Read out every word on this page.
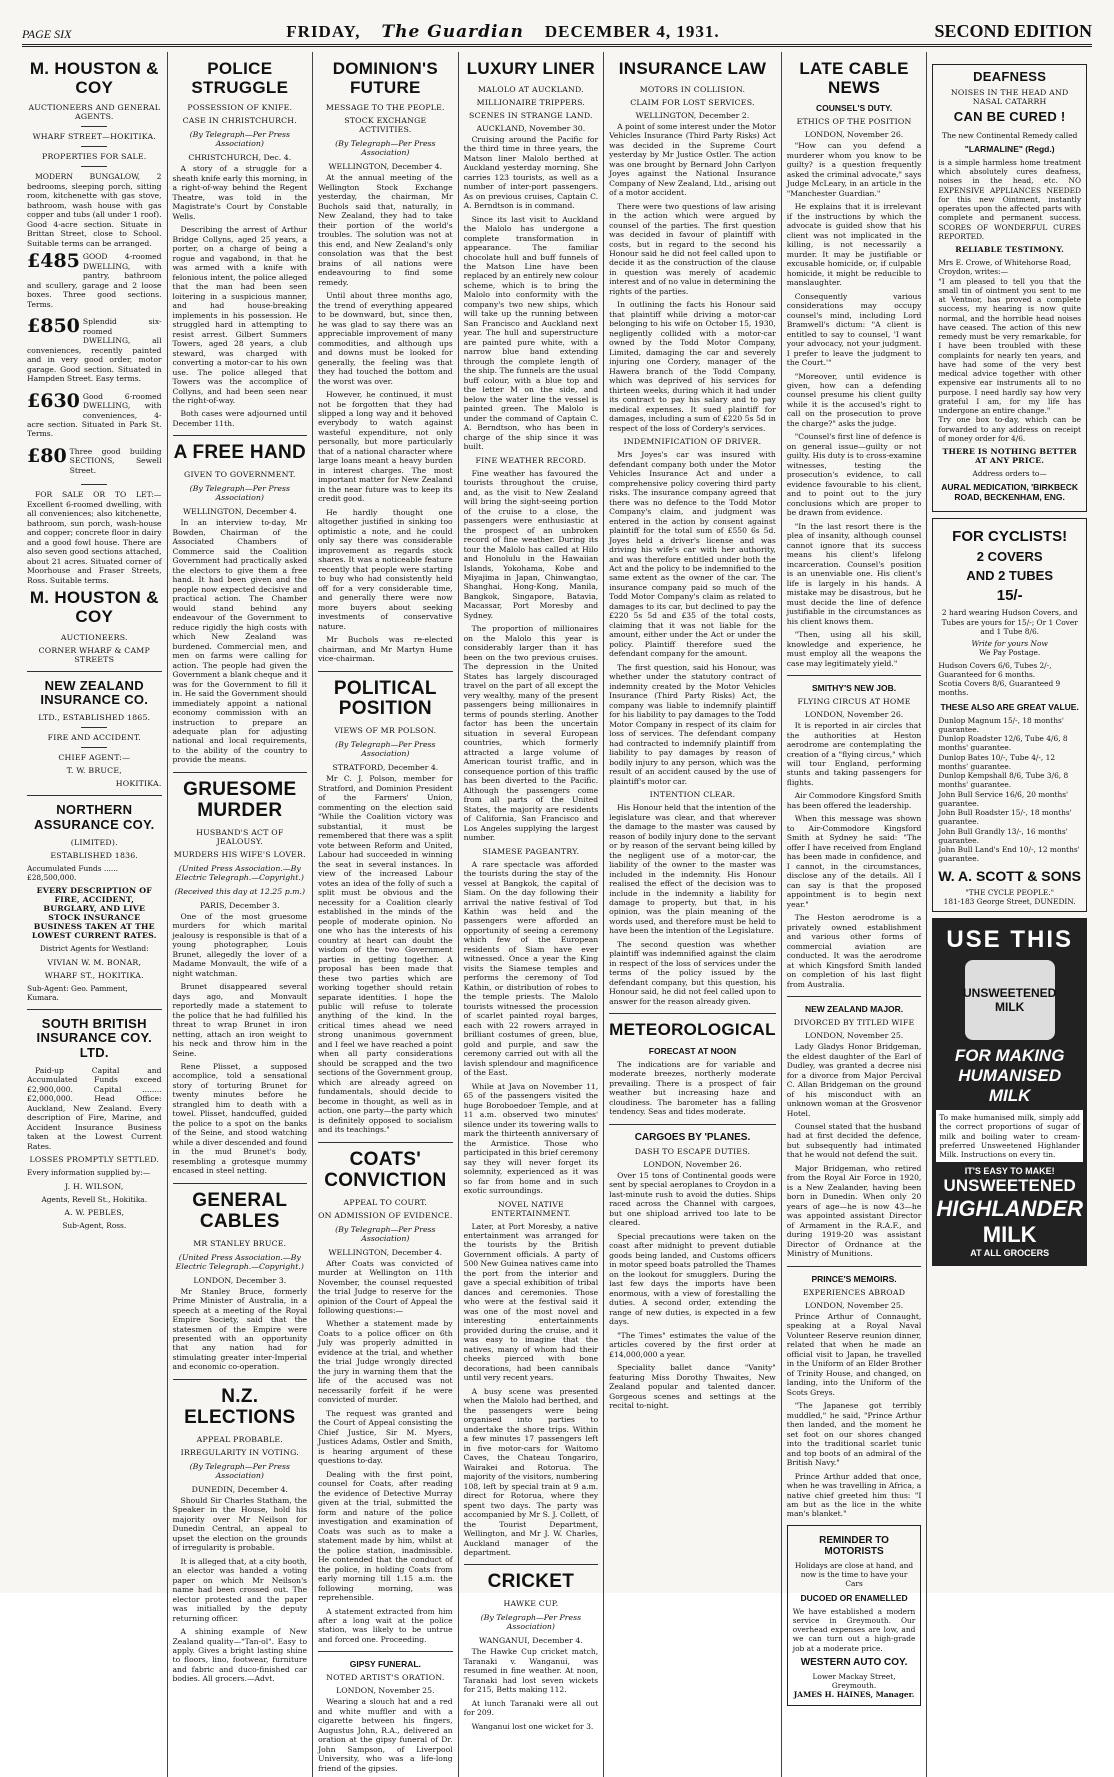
PAGE SIX	FRIDAY, The Guardian DECEMBER 4, 1931.	SECOND EDITION
M. HOUSTON & COY
AUCTIONEERS AND GENERAL AGENTS.
WHARF STREET—HOKITIKA.
PROPERTIES FOR SALE.

MODERN BUNGALOW, 2 bedrooms, sleeping porch, sitting room, kitchenette with gas stove, bathroom, wash house with gas copper and tubs (all under 1 roof). Good 4-acre section. Situate in Brittan Street, close to School. Suitable terms can be arranged.

£485 GOOD 4-roomed DWELLING, with pantry, bathroom and scullery, garage and 2 loose boxes. Three good sections. Terms.
£850 Splendid six-roomed DWELLING, all conveniences, recently painted and in very good order, motor garage. Good section. Situated in Hampden Street. Easy terms.
£630 Good 6-roomed DWELLING, with conveniences, 4-acre section. Situated in Park St. Terms.
£80 Three good building SECTIONS, Sewell Street.

FOR SALE OR TO LET:—Excellent 6-roomed dwelling, with all conveniences; also kitchenette, bathroom, sun porch, wash-house and copper; concrete floor in dairy and a good fowl house. There are also seven good sections attached, about 21 acres. Situated corner of Moorhouse and Fraser Streets, Ross. Suitable terms.

M. HOUSTON & COY
AUCTIONEERS.
CORNER WHARF & CAMP STREETS
NEW ZEALAND INSURANCE CO.
LTD., ESTABLISHED 1865.
FIRE AND ACCIDENT.
CHIEF AGENT:—
T. W. BRUCE,
HOKITIKA.
NORTHERN ASSURANCE COY.
(LIMITED).
ESTABLISHED 1836.
Accumulated Funds ...... £28,500,000.
EVERY DESCRIPTION OF FIRE, ACCIDENT, BURGLARY, AND LIVE STOCK INSURANCE BUSINESS TAKEN AT THE LOWEST CURRENT RATES.
District Agents for Westland:
VIVIAN W. M. BONAR,
WHARF ST., HOKITIKA.
Sub-Agent: Geo. Pamment, Kumara.
SOUTH BRITISH INSURANCE COY. LTD.

Paid-up Capital and Accumulated Funds exceed £2,900,000. Capital ........ £2,000,000. Head Office: Auckland, New Zealand. Every description of Fire, Marine, and Accident Insurance Business taken at the Lowest Current Rates.

LOSSES PROMPTLY SETTLED.
Every information supplied by:—
J. H. WILSON,
Agents, Revell St., Hokitika.
A. W. PEBLES,
Sub-Agent, Ross.
POLICE STRUGGLE
POSSESSION OF KNIFE.
CASE IN CHRISTCHURCH.
(By Telegraph—Per Press Association)
CHRISTCHURCH, Dec. 4.

A story of a struggle for a sheath knife early this morning, in a right-of-way behind the Regent Theatre, was told in the Magistrate's Court by Constable Wells.

Describing the arrest of Arthur Bridge Collyns, aged 25 years, a porter, on a charge of being a rogue and vagabond, in that he was armed with a knife with felonious intent, the police alleged that the man had been seen loitering in a suspicious manner, and had house-breaking implements in his possession. He struggled hard in attempting to resist arrest. Gilbert Summers Towers, aged 28 years, a club steward, was charged with converting a motor-car to his own use. The police alleged that Towers was the accomplice of Collyns, and had been seen near the right-of-way.

Both cases were adjourned until December 11th.

A FREE HAND
GIVEN TO GOVERNMENT.
(By Telegraph—Per Press Association)
WELLINGTON, December 4.

In an interview to-day, Mr Bowden, Chairman of the Associated Chambers of Commerce said the Coalition Government had practically asked the electors to give them a free hand. It had been given and the people now expected decisive and practical action. The Chamber would stand behind any endeavour of the Government to reduce rigidly the high costs with which New Zealand was burdened. Commercial men, and men on farms were calling for action. The people had given the Government a blank cheque and it was for the Government to fill it in. He said the Government should immediately appoint a national economy commission with an instruction to prepare an adequate plan for adjusting national and local requirements, to the ability of the country to provide the means.

GRUESOME MURDER
HUSBAND'S ACT OF JEALOUSY.
MURDERS HIS WIFE'S LOVER.
(United Press Association.—By Electric Telegraph.—Copyright.)
(Received this day at 12.25 p.m.)
PARIS, December 3.

One of the most gruesome murders for which marital jealousy is responsible is that of a young photographer, Louis Brunet, allegedly the lover of a Madame Monvault, the wife of a night watchman.

Brunet disappeared several days ago, and Monvault reportedly made a statement to the police that he had fulfilled his threat to wrap Brunet in iron netting, attach an iron weight to his neck and throw him in the Seine.

Rene Plisset, a supposed accomplice, told a sensational story of torturing Brunet for twenty minutes before he strangled him to death with a towel. Plisset, handcuffed, guided the police to a spot on the banks of the Seine, and stood watching while a diver descended and found in the mud Brunet's body, resembling a grotesque mummy encased in steel netting.

GENERAL CABLES
MR STANLEY BRUCE.
(United Press Association.—By Electric Telegraph.—Copyright.)
LONDON, December 3.

Mr Stanley Bruce, formerly Prime Minister of Australia, in a speech at a meeting of the Royal Empire Society, said that the statesmen of the Empire were presented with an opportunity that any nation had for stimulating greater inter-Imperial and economic co-operation.

N.Z. ELECTIONS
APPEAL PROBABLE.
IRREGULARITY IN VOTING.
(By Telegraph—Per Press Association)
DUNEDIN, December 4.

Should Sir Charles Statham, the Speaker in the House, hold his majority over Mr Neilson for Dunedin Central, an appeal to upset the election on the grounds of irregularity is probable.

It is alleged that, at a city booth, an elector was handed a voting paper on which Mr Neilson's name had been crossed out. The elector protested and the paper was initialled by the deputy returning officer.

A shining example of New Zealand quality—"Tan-ol". Easy to apply. Gives a bright lasting shine to floors, lino, footwear, furniture and fabric and duco-finished car bodies. All grocers.—Advt.

DOMINION'S FUTURE
MESSAGE TO THE PEOPLE.
STOCK EXCHANGE ACTIVITIES.
(By Telegraph—Per Press Association)
WELLINGTON, December 4.

At the annual meeting of the Wellington Stock Exchange yesterday, the chairman, Mr Buchols said that, naturally, in New Zealand, they had to take their portion of the world's troubles. The solution was not at this end, and New Zealand's only consolation was that the best brains of all nations were endeavouring to find some remedy.

Until about three months ago, the trend of everything appeared to be downward, but, since then, he was glad to say there was an appreciable improvement of many commodities, and although ups and downs must be looked for generally, the feeling was that they had touched the bottom and the worst was over.

However, he continued, it must not be forgotten that they had slipped a long way and it behoved everybody to watch against wasteful expenditure, not only personally, but more particularly that of a national character where large loans meant a heavy burden in interest charges. The most important matter for New Zealand in the near future was to keep its credit good.

He hardly thought one altogether justified in sinking too optimistic a note, and he could only say there was considerable improvement as regards stock shares. It was a noticeable feature recently that people were starting to buy who had consistently held off for a very considerable time, and generally there were now more buyers about seeking investments of conservative nature.

Mr Buchols was re-elected chairman, and Mr Martyn Hume vice-chairman.

POLITICAL POSITION
VIEWS OF MR POLSON.
(By Telegraph—Per Press Association)
STRATFORD, December 4.

Mr C. J. Polson, member for Stratford, and Dominion President of the Farmers' Union, commenting on the election said "While the Coalition victory was substantial, it must be remembered that there was a split vote between Reform and United, Labour had succeeded in winning the seat in several instances. In view of the increased Labour votes an idea of the folly of such a split must be obvious and the necessity for a Coalition clearly established in the minds of the people of moderate opinion. No one who has the interests of his country at heart can doubt the wisdom of the two Government parties in getting together. A proposal has been made that these two parties which are working together should retain separate identities. I hope the public will refuse to tolerate anything of the kind. In the critical times ahead we need strong unanimous government and I feel we have reached a point when all party considerations should be scrapped and the two sections of the Government group, which are already agreed on fundamentals, should decide to become in thought, as well as in action, one party—the party which is definitely opposed to socialism and its teachings."

COATS' CONVICTION
APPEAL TO COURT.
ON ADMISSION OF EVIDENCE.
(By Telegraph—Per Press Association)
WELLINGTON, December 4.

After Coats was convicted of murder at Wellington on 11th November, the counsel requested the trial Judge to reserve for the opinion of the Court of Appeal the following questions:—

Whether a statement made by Coats to a police officer on 6th July was properly admitted in evidence at the trial, and whether the trial Judge wrongly directed the jury in warning them that the life of the accused was not necessarily forfeit if he were convicted of murder.

The request was granted and the Court of Appeal consisting the Chief Justice, Sir M. Myers, Justices Adams, Ostler and Smith, is hearing argument of these questions to-day.

Dealing with the first point, counsel for Coats, after reading the evidence of Detective Murray given at the trial, submitted the form and nature of the police investigation and examination of Coats was such as to make a statement made by him, whilst at the police station, inadmissible. He contended that the conduct of the police, in holding Coats from early morning till 1.15 a.m. the following morning, was reprehensible.

A statement extracted from him after a long wait at the police station, was likely to be untrue and forced one. Proceeding.

GIPSY FUNERAL.
NOTED ARTIST'S ORATION.
LONDON, November 25.

Wearing a slouch hat and a red and white muffler and with a cigarette between his fingers, Augustus John, R.A., delivered an oration at the gipsy funeral of Dr. John Sampson, of Liverpool University, who was a life-long friend of the gipsies.

LUXURY LINER
MALOLO AT AUCKLAND.
MILLIONAIRE TRIPPERS.
SCENES IN STRANGE LAND.
AUCKLAND, November 30.

Cruising around the Pacific for the third time in three years, the Matson liner Malolo berthed at Auckland yesterday morning. She carries 123 tourists, as well as a number of inter-port passengers. As on previous cruises, Captain C. A. Berndtson is in command.

Since its last visit to Auckland the Malolo has undergone a complete transformation in appearance. The familiar chocolate hull and buff funnels of the Matson Line have been replaced by an entirely new colour scheme, which is to bring the Malolo into conformity with the company's two new ships, which will take up the running between San Francisco and Auckland next year. The hull and superstructure are painted pure white, with a narrow blue band extending through the complete length of the ship. The funnels are the usual buff colour, with a blue top and the letter M on the side, and below the water line the vessel is painted green. The Malolo is under the command of Captain C. A. Berndtson, who has been in charge of the ship since it was built.

FINE WEATHER RECORD.

Fine weather has favoured the tourists throughout the cruise, and, as the visit to New Zealand will bring the sight-seeing portion of the cruise to a close, the passengers were enthusiastic at the prospect of an unbroken record of fine weather. During its tour the Malolo has called at Hilo and Honolulu in the Hawaiian Islands, Yokohama, Kobe and Miyajima in Japan, Chinwangtao, Shanghai, Hong-Kong, Manila, Bangkok, Singapore, Batavia, Macassar, Port Moresby and Sydney.

The proportion of millionaires on the Malolo this year is considerably larger than it has been on the two previous cruises. The depression in the United States has largely discouraged travel on the part of all except the very wealthy, many of the present passengers being millionaires in terms of pounds sterling. Another factor has been the uncertain situation in several European countries, which formerly attracted a large volume of American tourist traffic, and in consequence portion of this traffic has been diverted to the Pacific. Although the passengers come from all parts of the United States, the majority are residents of California, San Francisco and Los Angeles supplying the largest number.

SIAMESE PAGEANTRY.

A rare spectacle was afforded the tourists during the stay of the vessel at Bangkok, the capital of Siam. On the day following their arrival the native festival of Tod Kathin was held and the passengers were afforded an opportunity of seeing a ceremony which few of the European residents of Siam have ever witnessed. Once a year the King visits the Siamese temples and performs the ceremony of Tod Kathin, or distribution of robes to the temple priests. The Malolo tourists witnessed the procession of scarlet painted royal barges, each with 22 rowers arrayed in brilliant costumes of green, blue, gold and purple, and saw the ceremony carried out with all the lavish splendour and magnificence of the East.

While at Java on November 11, 65 of the passengers visited the huge Boroboedoer Temple, and at 11 a.m. observed two minutes' silence under its towering walls to mark the thirteenth anniversary of the Armistice. Those who participated in this brief ceremony say they will never forget its solemnity, experienced as it was so far from home and in such exotic surroundings.

NOVEL NATIVE ENTERTAINMENT.

Later, at Port Moresby, a native entertainment was arranged for the tourists by the British Government officials. A party of 500 New Guinea natives came into the port from the interior and gave a special exhibition of tribal dances and ceremonies. Those who were at the festival said it was one of the most novel and interesting entertainments provided during the cruise, and it was easy to imagine that the natives, many of whom had their cheeks pierced with bone decorations, had been cannibals until very recent years.

A busy scene was presented when the Malolo had berthed, and the passengers were being organised into parties to undertake the shore trips. Within a few minutes 17 passengers left in five motor-cars for Waitomo Caves, the Chateau Tongariro, Wairakei and Rotorua. The majority of the visitors, numbering 108, left by special train at 9 a.m. direct for Rotorua, where they spent two days. The party was accompanied by Mr S. J. Collett, of the Tourist Department, Wellington, and Mr J. W. Charles, Auckland manager of the department.

CRICKET
HAWKE CUP.
(By Telegraph—Per Press Association)
WANGANUI, December 4.

The Hawke Cup cricket match, Taranaki v. Wanganui, was resumed in fine weather. At noon, Taranaki had lost seven wickets for 215, Betts making 112.

At lunch Taranaki were all out for 209.

Wanganui lost one wicket for 3.

INSURANCE LAW
MOTORS IN COLLISION.
CLAIM FOR LOST SERVICES.
WELLINGTON, December 2.

A point of some interest under the Motor Vehicles Insurance (Third Party Risks) Act was decided in the Supreme Court yesterday by Mr Justice Ostler. The action was one brought by Bernard John Carlyon Joyes against the National Insurance Company of New Zealand, Ltd., arising out of a motor accident.

There were two questions of law arising in the action which were argued by counsel of the parties. The first question was decided in favour of plaintiff with costs, but in regard to the second his Honour said he did not feel called upon to decide it as the construction of the clause in question was merely of academic interest and of no value in determining the rights of the parties.

In outlining the facts his Honour said that plaintiff while driving a motor-car belonging to his wife on October 15, 1930, negligently collided with a motor-car owned by the Todd Motor Company, Limited, damaging the car and severely injuring one Cordery, manager of the Hawera branch of the Todd Company, which was deprived of his services for thirteen weeks, during which it had under its contract to pay his salary and to pay medical expenses. It sued plaintiff for damages, including a sum of £220 5s 5d in respect of the loss of Cordery's services.

INDEMNIFICATION OF DRIVER.

Mrs Joyes's car was insured with defendant company both under the Motor Vehicles Insurance Act and under a comprehensive policy covering third party risks. The insurance company agreed that there was no defence to the Todd Motor Company's claim, and judgment was entered in the action by consent against plaintiff for the total sum of £550 6s 5d. Joyes held a driver's license and was driving his wife's car with her authority, and was therefore entitled under both the Act and the policy to be indemnified to the same extent as the owner of the car. The insurance company paid so much of the Todd Motor Company's claim as related to damages to its car, but declined to pay the £220 5s 5d and £35 of the total costs, claiming that it was not liable for the amount, either under the Act or under the policy. Plaintiff therefore sued the defendant company for the amount.

The first question, said his Honour, was whether under the statutory contract of indemnity created by the Motor Vehicles Insurance (Third Party Risks) Act, the company was liable to indemnify plaintiff for his liability to pay damages to the Todd Motor Company in respect of its claim for loss of services. The defendant company had contracted to indemnify plaintiff from liability to pay damages by reason of bodily injury to any person, which was the result of an accident caused by the use of plaintiff's motor car.

INTENTION CLEAR.

His Honour held that the intention of the legislature was clear, and that wherever the damage to the master was caused by reason of bodily injury done to the servant or by reason of the servant being killed by the negligent use of a motor-car, the liability of the owner to the master was included in the indemnity. His Honour realised the effect of the decision was to include in the indemnity a liability for damage to property, but that, in his opinion, was the plain meaning of the words used, and therefore must be held to have been the intention of the Legislature.

The second question was whether plaintiff was indemnified against the claim in respect of the loss of services under the terms of the policy issued by the defendant company, but this question, his Honour said, he did not feel called upon to answer for the reason already given.

METEOROLOGICAL
FORECAST AT NOON

The indications are for variable and moderate breezes, northerly moderate prevailing. There is a prospect of fair weather but increasing haze and cloudiness. The barometer has a falling tendency. Seas and tides moderate.

CARGOES BY 'PLANES.
DASH TO ESCAPE DUTIES.
LONDON, November 26.

Over 15 tons of Continental goods were sent by special aeroplanes to Croydon in a last-minute rush to avoid the duties. Ships raced across the Channel with cargoes, but one shipload arrived too late to be cleared.

Special precautions were taken on the coast after midnight to prevent dutiable goods being landed, and Customs officers in motor speed boats patrolled the Thames on the lookout for smugglers. During the last few days the imports have been enormous, with a view of forestalling the duties. A second order, extending the range of new duties, is expected in a few days.

"The Times" estimates the value of the articles covered by the first order at £14,000,000 a year.

Speciality ballet dance "Vanity" featuring Miss Dorothy Thwaites, New Zealand popular and talented dancer. Gorgeous scenes and settings at the recital to-night.

LATE CABLE NEWS
COUNSEL'S DUTY.
ETHICS OF THE POSITION
LONDON, November 26.

"How can you defend a murderer whom you know to be guilty? is a question frequently asked the criminal advocate," says Judge McLeary, in an article in the "Manchester Guardian."

He explains that it is irrelevant if the instructions by which the advocate is guided show that his client was not implicated in the killing, is not necessarily a murder. It may be justifiable or excusable homicide, or, if culpable homicide, it might be reducible to manslaughter.

Consequently various considerations may occupy counsel's mind, including Lord Bramwell's dictum: "A client is entitled to say to counsel, 'I want your advocacy, not your judgment. I prefer to leave the judgment to the Court.'"

"Moreover, until evidence is given, how can a defending counsel presume his client guilty while it is the accused's right to call on the prosecution to prove the charge?" asks the judge.

"Counsel's first line of defence is on general issue—guilty or not guilty. His duty is to cross-examine witnesses, testing the prosecution's evidence, to call evidence favourable to his client, and to point out to the jury conclusions which are proper to be drawn from evidence.

"In the last resort there is the plea of insanity, although counsel cannot ignore that its success means his client's lifelong incarceration. Counsel's position is an unenviable one. His client's life is largely in his hands. A mistake may be disastrous, but he must decide the line of defence justifiable in the circumstances as his client knows them.

"Then, using all his skill, knowledge and experience, he must employ all the weapons the case may legitimately yield."

SMITHY'S NEW JOB.
FLYING CIRCUS AT HOME
LONDON, November 26.

It is reported in air circles that the authorities at Heston aerodrome are contemplating the creation of a "flying circus," which will tour England, performing stunts and taking passengers for flights.

Air Commodore Kingsford Smith has been offered the leadership.

When this message was shown to Air-Commodore Kingsford Smith at Sydney he said: "The offer I have received from England has been made in confidence, and I cannot, in the circumstances, disclose any of the details. All I can say is that the proposed appointment is to begin next year."

The Heston aerodrome is a privately owned establishment and various other forms of commercial aviation are conducted. It was the aerodrome at which Kingsford Smith landed on completion of his last flight from Australia.

NEW ZEALAND MAJOR.
DIVORCED BY TITLED WIFE
LONDON, November 25.

Lady Gladys Honor Bridgeman, the eldest daughter of the Earl of Dudley, was granted a decree nisi for a divorce from Major Percival C. Allan Bridgeman on the ground of his misconduct with an unknown woman at the Grosvenor Hotel.

Counsel stated that the husband had at first decided the defence, but subsequently had intimated that he would not defend the suit.

Major Bridgeman, who retired from the Royal Air Force in 1920, is a New Zealander, having been born in Dunedin. When only 20 years of age—he is now 43—he was appointed assistant Director of Armament in the R.A.F., and during 1919-20 was assistant Director of Ordnance at the Ministry of Munitions.

PRINCE'S MEMOIRS.
EXPERIENCES ABROAD
LONDON, November 25.

Prince Arthur of Connaught, speaking at a Royal Naval Volunteer Reserve reunion dinner, related that when he made an official visit to Japan, he travelled in the Uniform of an Elder Brother of Trinity House, and changed, on landing, into the Uniform of the Scots Greys.

"The Japanese got terribly muddled," he said, "Prince Arthur then landed, and the moment he set foot on our shores changed into the traditional scarlet tunic and top boots of an admiral of the British Navy."

Prince Arthur added that once, when he was travelling in Africa, a native chief greeted him thus: "I am but as the lice in the white man's blanket."

REMINDER TO MOTORISTS
Holidays are close at hand, and now is the time to have your Cars
DUCOED OR ENAMELLED
We have established a modern service in Greymouth. Our overhead expenses are low, and we can turn out a high-grade job at a moderate price.
WESTERN AUTO COY.
Lower Mackay Street, Greymouth.
JAMES H. HAINES, Manager.
DEAFNESS
NOISES IN THE HEAD AND NASAL CATARRH
CAN BE CURED !
The new Continental Remedy called
"LARMALINE" (Regd.)
is a simple harmless home treatment which absolutely cures deafness, noises in the head, etc. NO EXPENSIVE APPLIANCES NEEDED for this new Ointment, instantly operates upon the affected parts with complete and permanent success. SCORES OF WONDERFUL CURES REPORTED.
RELIABLE TESTIMONY.
Mrs E. Crowe, of Whitehorse Road, Croydon, writes:—
"I am pleased to tell you that the small tin of ointment you sent to me at Ventnor, has proved a complete success, my hearing is now quite normal, and the horrible head noises have ceased. The action of this new remedy must be very remarkable, for I have been troubled with these complaints for nearly ten years, and have had some of the very best medical advice together with other expensive ear instruments all to no purpose. I need hardly say how very grateful I am, for my life has undergone an entire change."
Try one box to-day, which can be forwarded to any address on receipt of money order for 4/6.
THERE IS NOTHING BETTER AT ANY PRICE.
Address orders to—
AURAL MEDICATION, 'BIRKBECK ROAD, BECKENHAM, ENG.
FOR CYCLISTS!
2 COVERS
AND 2 TUBES
15/-
2 hard wearing Hudson Covers, and Tubes are yours for 15/-; Or 1 Cover and 1 Tube 8/6.
Write for yours Now
We Pay Postage.
Hudson Covers 6/6, Tubes 2/-, Guaranteed for 6 months.
Scotia Covers 8/6, Guaranteed 9 months.
THESE ALSO ARE GREAT VALUE.
Dunlop Magnum 15/-, 18 months' guarantee.
Dunlop Roadster 12/6, Tube 4/6, 8 months' guarantee.
Dunlop Bates 10/-, Tube 4/-, 12 months' guarantee.
Dunlop Kempshall 8/6, Tube 3/6, 8 months' guarantee.
John Bull Service 16/6, 20 months' guarantee.
John Bull Roadster 15/-, 18 months' guarantee.
John Bull Grandly 13/-, 16 months' guarantee.
John Bull Land's End 10/-, 12 months' guarantee.
W. A. SCOTT & SONS
"THE CYCLE PEOPLE."
181-183 George Street, DUNEDIN.
USE THIS
UNSWEETENED MILK
FOR MAKING
HUMANISED MILK
To make humanised milk, simply add the correct proportions of sugar of milk and boiling water to cream-preferred Unsweetened Highlander Milk. Instructions on every tin.
IT'S EASY TO MAKE!
UNSWEETENED
HIGHLANDER
MILK
AT ALL GROCERS
